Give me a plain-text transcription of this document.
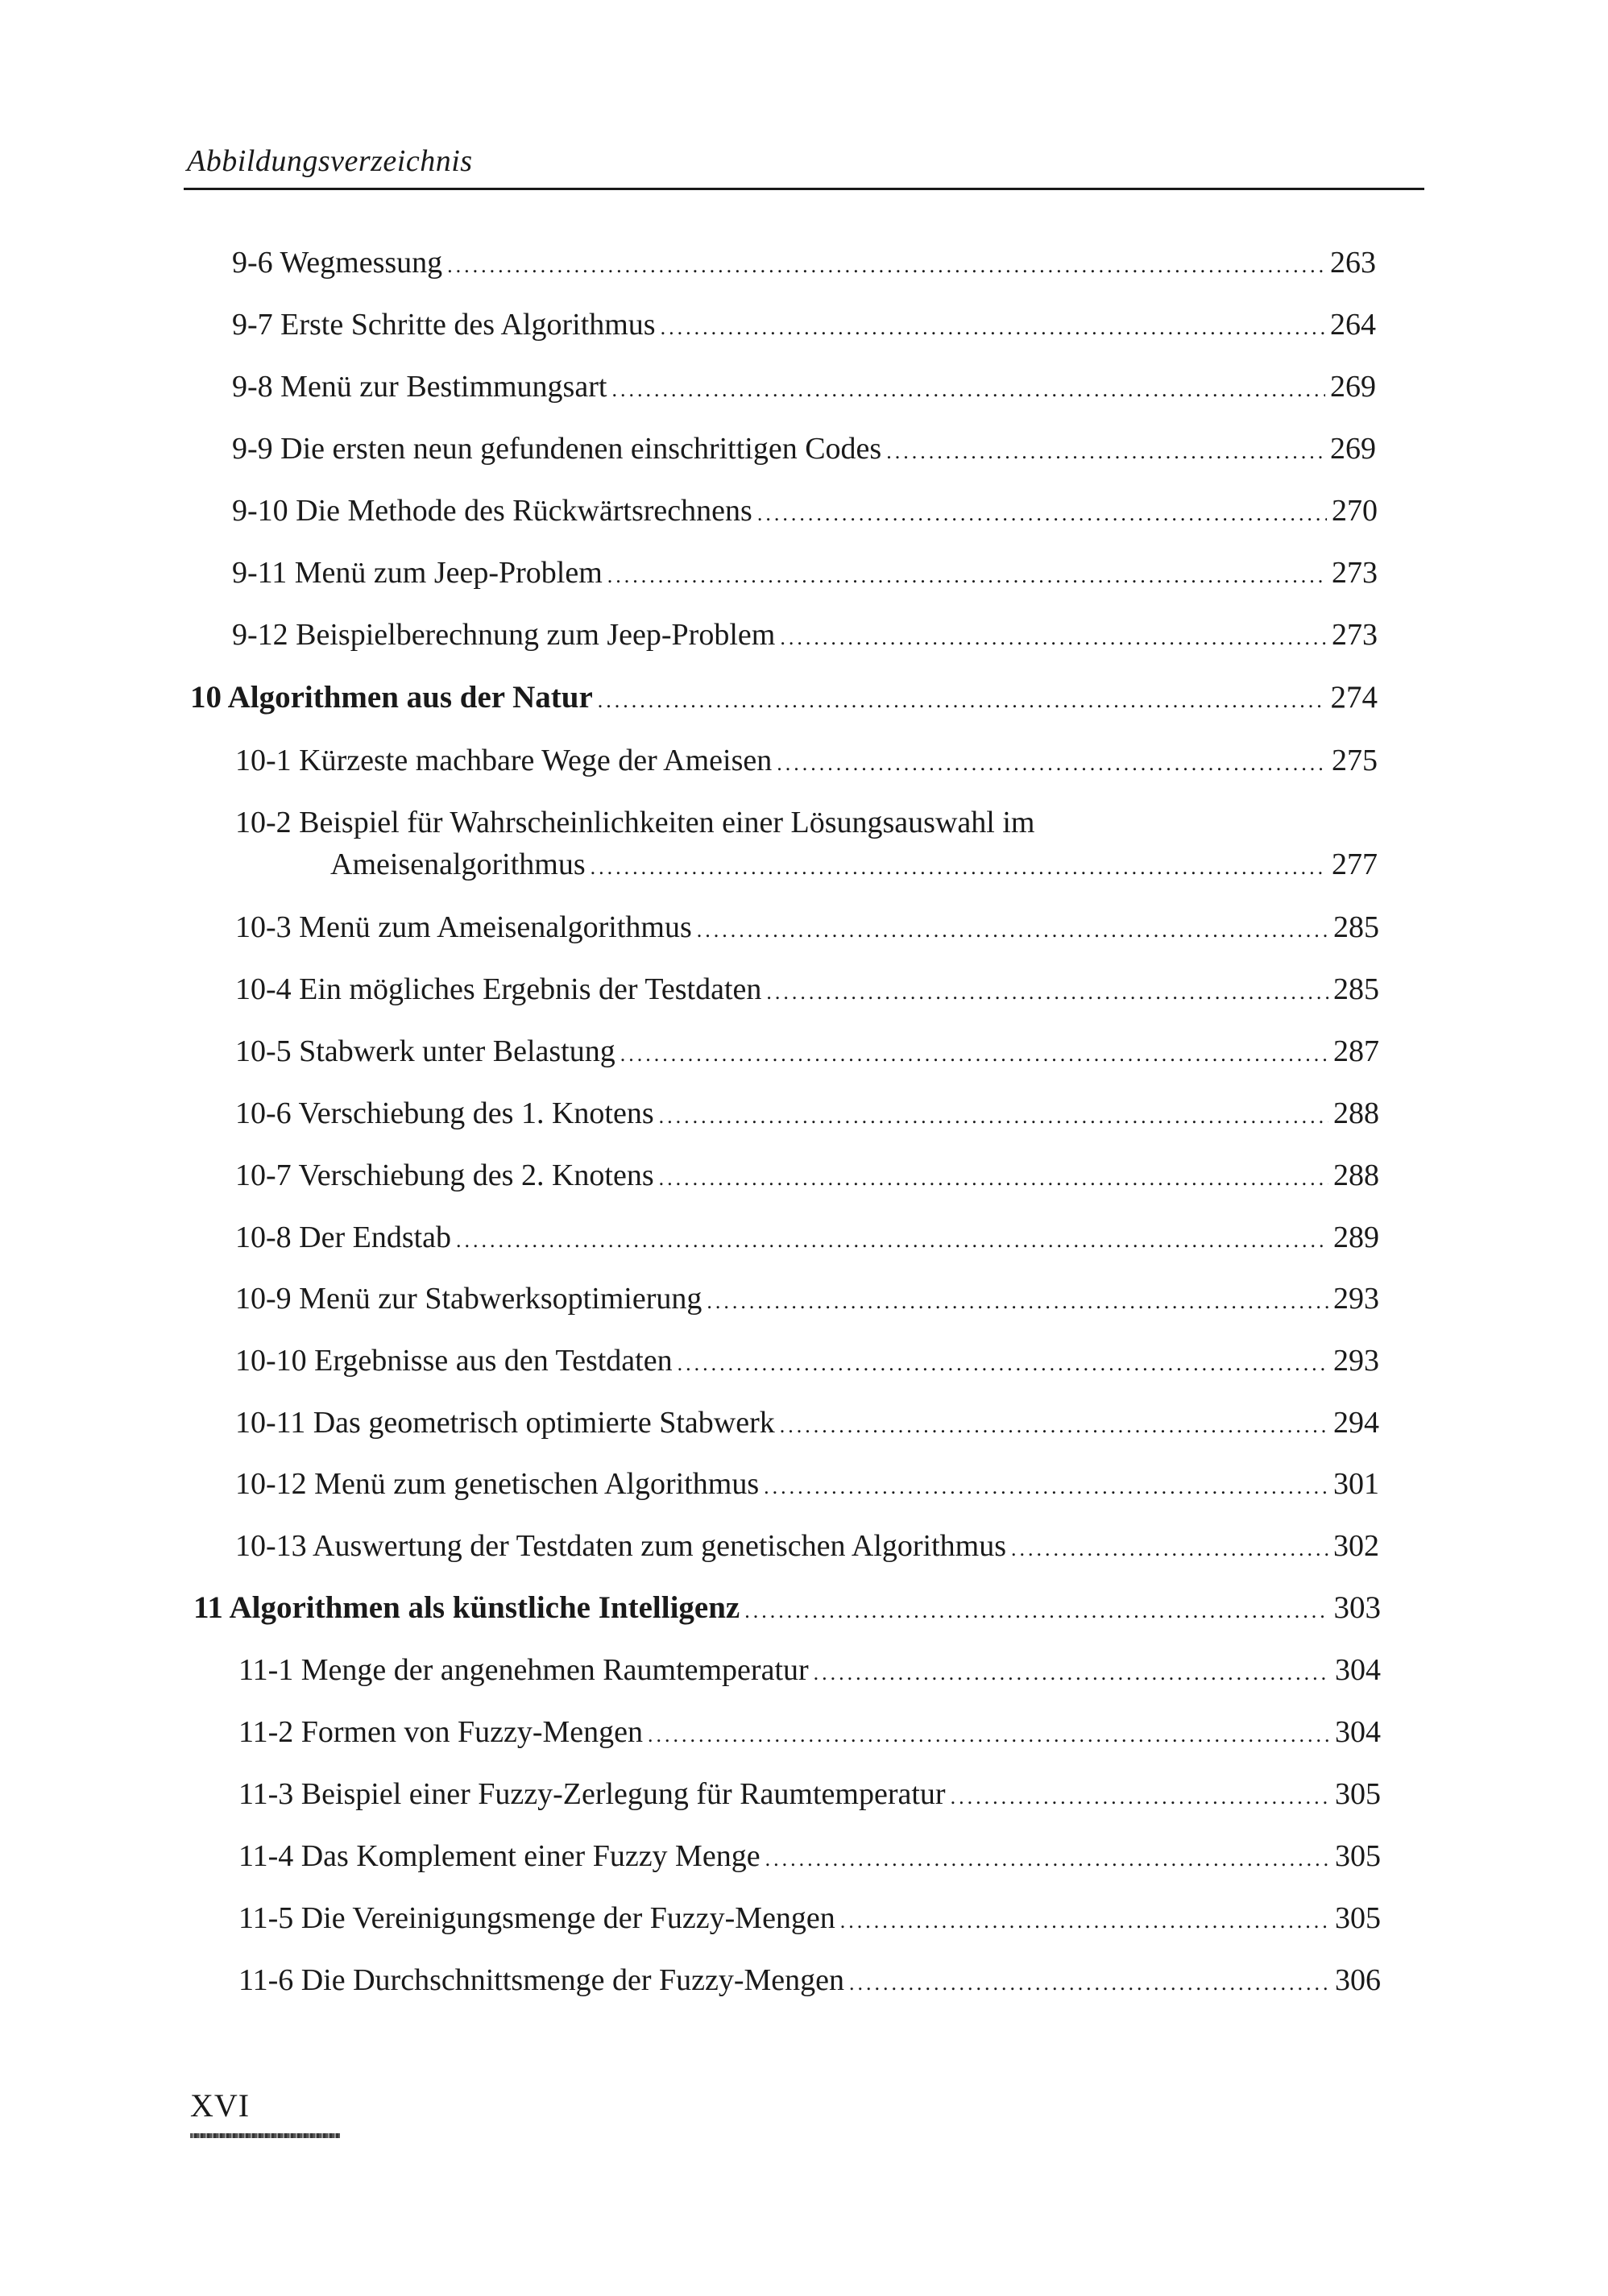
Abbildungsverzeichnis
9-6 Wegmessung .....	263
9-7 Erste Schritte des Algorithmus .....	264
9-8 Menü zur Bestimmungsart .....	269
9-9 Die ersten neun gefundenen einschrittigen Codes .....	269
9-10 Die Methode des Rückwärtsrechnens .....	270
9-11 Menü zum Jeep-Problem .....	273
9-12 Beispielberechnung zum Jeep-Problem .....	273
10 Algorithmen aus der Natur .....	274
10-1 Kürzeste machbare Wege der Ameisen .....	275
10-2 Beispiel für Wahrscheinlichkeiten einer Lösungsauswahl im
Ameisenalgorithmus .....	277
10-3 Menü zum Ameisenalgorithmus .....	285
10-4 Ein mögliches Ergebnis der Testdaten .....	285
10-5 Stabwerk unter Belastung .....	287
10-6 Verschiebung des 1. Knotens .....	288
10-7 Verschiebung des 2. Knotens .....	288
10-8 Der Endstab .....	289
10-9 Menü zur Stabwerksoptimierung .....	293
10-10 Ergebnisse aus den Testdaten .....	293
10-11 Das geometrisch optimierte Stabwerk .....	294
10-12 Menü zum genetischen Algorithmus .....	301
10-13 Auswertung der Testdaten zum genetischen Algorithmus .....	302
11 Algorithmen als künstliche Intelligenz .....	303
11-1 Menge der angenehmen Raumtemperatur .....	304
11-2 Formen von Fuzzy-Mengen .....	304
11-3 Beispiel einer Fuzzy-Zerlegung für Raumtemperatur .....	305
11-4 Das Komplement einer Fuzzy Menge .....	305
11-5 Die Vereinigungsmenge der Fuzzy-Mengen .....	305
11-6 Die Durchschnittsmenge der Fuzzy-Mengen .....	306
XVI
